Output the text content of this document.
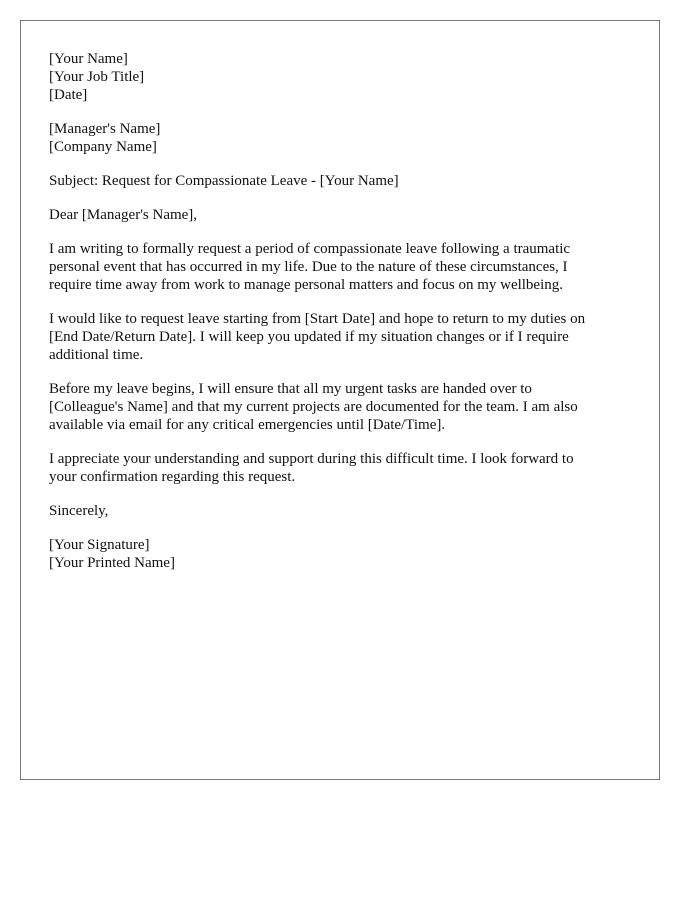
[Your Name]
[Your Job Title]
[Date]
[Manager's Name]
[Company Name]

Subject: Request for Compassionate Leave - [Your Name]

Dear [Manager's Name],

I am writing to formally request a period of compassionate leave following a traumatic
personal event that has occurred in my life. Due to the nature of these circumstances, I
require time away from work to manage personal matters and focus on my wellbeing.

I would like to request leave starting from [Start Date] and hope to return to my duties on
[End Date/Return Date]. I will keep you updated if my situation changes or if I require
additional time.

Before my leave begins, I will ensure that all my urgent tasks are handed over to
[Colleague's Name] and that my current projects are documented for the team. I am also
available via email for any critical emergencies until [Date/Time].

I appreciate your understanding and support during this difficult time. I look forward to
your confirmation regarding this request.

Sincerely,

[Your Signature]
[Your Printed Name]
